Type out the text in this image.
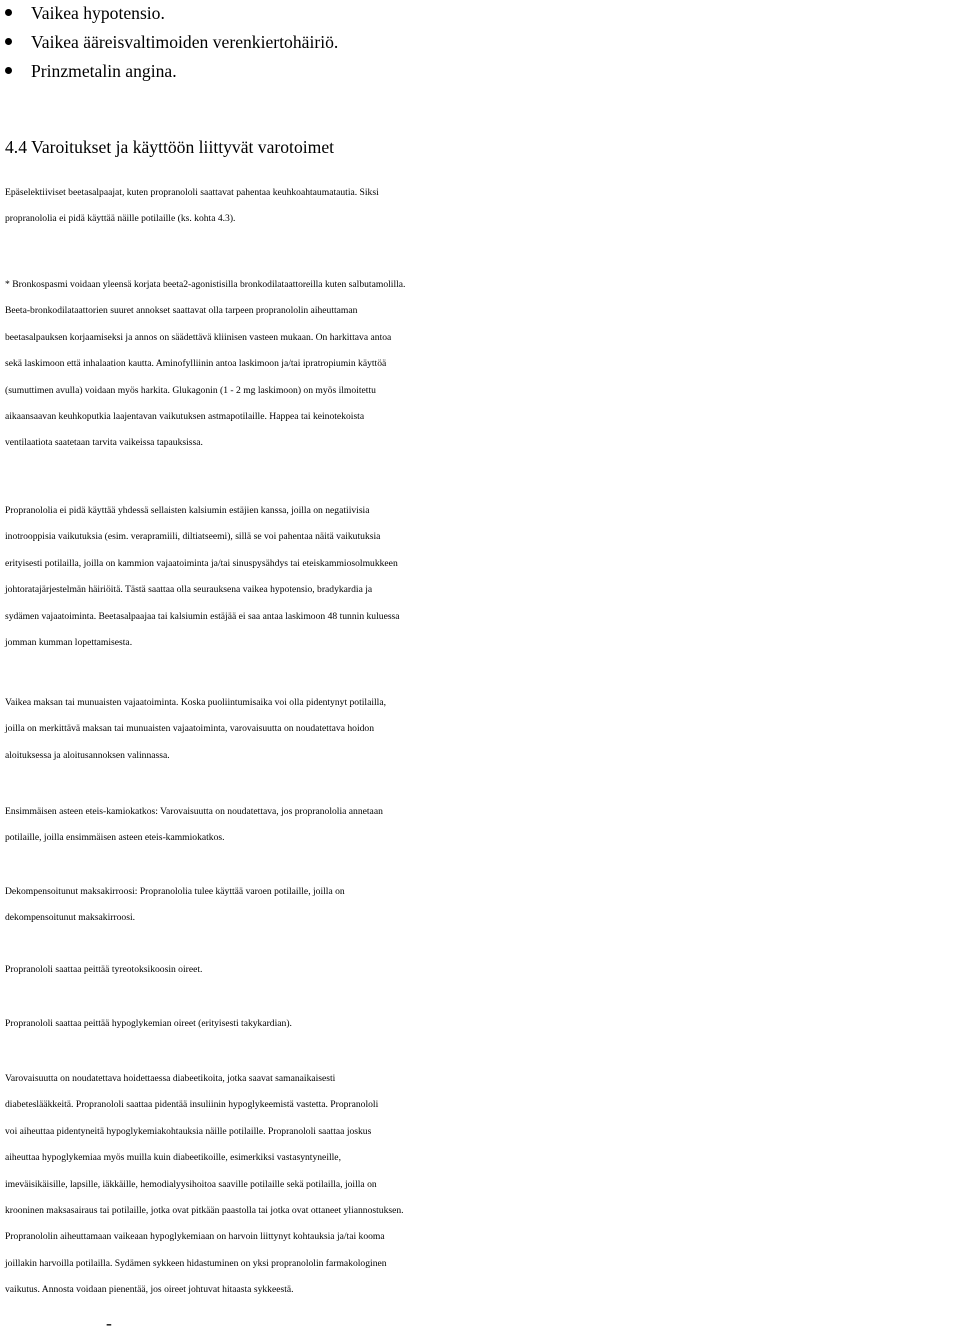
Vaikea hypotensio.
Vaikea ääreisvaltimoiden verenkiertohäiriö.
Prinzmetalin angina.
4.4 Varoitukset ja käyttöön liittyvät varotoimet

Epäselektiiviset beetasalpaajat, kuten propranololi saattavat pahentaa keuhkoahtaumatautia. Siksi
propranololia ei pidä käyttää näille potilaille (ks. kohta 4.3).

* Bronkospasmi voidaan yleensä korjata beeta2-agonistisilla bronkodilataattoreilla kuten salbutamolilla.
Beeta-bronkodilataattorien suuret annokset saattavat olla tarpeen propranololin aiheuttaman
beetasalpauksen korjaamiseksi ja annos on säädettävä kliinisen vasteen mukaan. On harkittava antoa
sekä laskimoon että inhalaation kautta. Aminofylliinin antoa laskimoon ja/tai ipratropiumin käyttöä
(sumuttimen avulla) voidaan myös harkita. Glukagonin (1 - 2 mg laskimoon) on myös ilmoitettu
aikaansaavan keuhkoputkia laajentavan vaikutuksen astmapotilaille. Happea tai keinotekoista
ventilaatiota saatetaan tarvita vaikeissa tapauksissa.

Propranololia ei pidä käyttää yhdessä sellaisten kalsiumin estäjien kanssa, joilla on negatiivisia
inotrooppisia vaikutuksia (esim. verapramiili, diltiatseemi), sillä se voi pahentaa näitä vaikutuksia
erityisesti potilailla, joilla on kammion vajaatoiminta ja/tai sinuspysähdys tai eteiskammiosolmukkeen
johtoratajärjestelmän häiriöitä. Tästä saattaa olla seurauksena vaikea hypotensio, bradykardia ja
sydämen vajaatoiminta. Beetasalpaajaa tai kalsiumin estäjää ei saa antaa laskimoon 48 tunnin kuluessa
jomman kumman lopettamisesta.

Vaikea maksan tai munuaisten vajaatoiminta. Koska puoliintumisaika voi olla pidentynyt potilailla,
joilla on merkittävä maksan tai munuaisten vajaatoiminta, varovaisuutta on noudatettava hoidon
aloituksessa ja aloitusannoksen valinnassa.

Ensimmäisen asteen eteis-kamiokatkos: Varovaisuutta on noudatettava, jos propranololia annetaan
potilaille, joilla ensimmäisen asteen eteis-kammiokatkos.

Dekompensoitunut maksakirroosi: Propranololia tulee käyttää varoen potilaille, joilla on
dekompensoitunut maksakirroosi.

Propranololi saattaa peittää tyreotoksikoosin oireet.

Propranololi saattaa peittää hypoglykemian oireet (erityisesti takykardian).

Varovaisuutta on noudatettava hoidettaessa diabeetikoita, jotka saavat samanaikaisesti
diabeteslääkkeitä. Propranololi saattaa pidentää insuliinin hypoglykeemistä vastetta. Propranololi
voi aiheuttaa pidentyneitä hypoglykemiakohtauksia näille potilaille. Propranololi saattaa joskus
aiheuttaa hypoglykemiaa myös muilla kuin diabeetikoille, esimerkiksi vastasyntyneille,
imeväisikäisille, lapsille, iäkkäille, hemodialyysihoitoa saaville potilaille sekä potilailla, joilla on
krooninen maksasairaus tai potilaille, jotka ovat pitkään paastolla tai jotka ovat ottaneet yliannostuksen.
Propranololin aiheuttamaan vaikeaan hypoglykemiaan on harvoin liittynyt kohtauksia ja/tai kooma
joillakin harvoilla potilailla. Sydämen sykkeen hidastuminen on yksi propranololin farmakologinen
vaikutus. Annosta voidaan pienentää, jos oireet johtuvat hitaasta sykkeestä.

-
